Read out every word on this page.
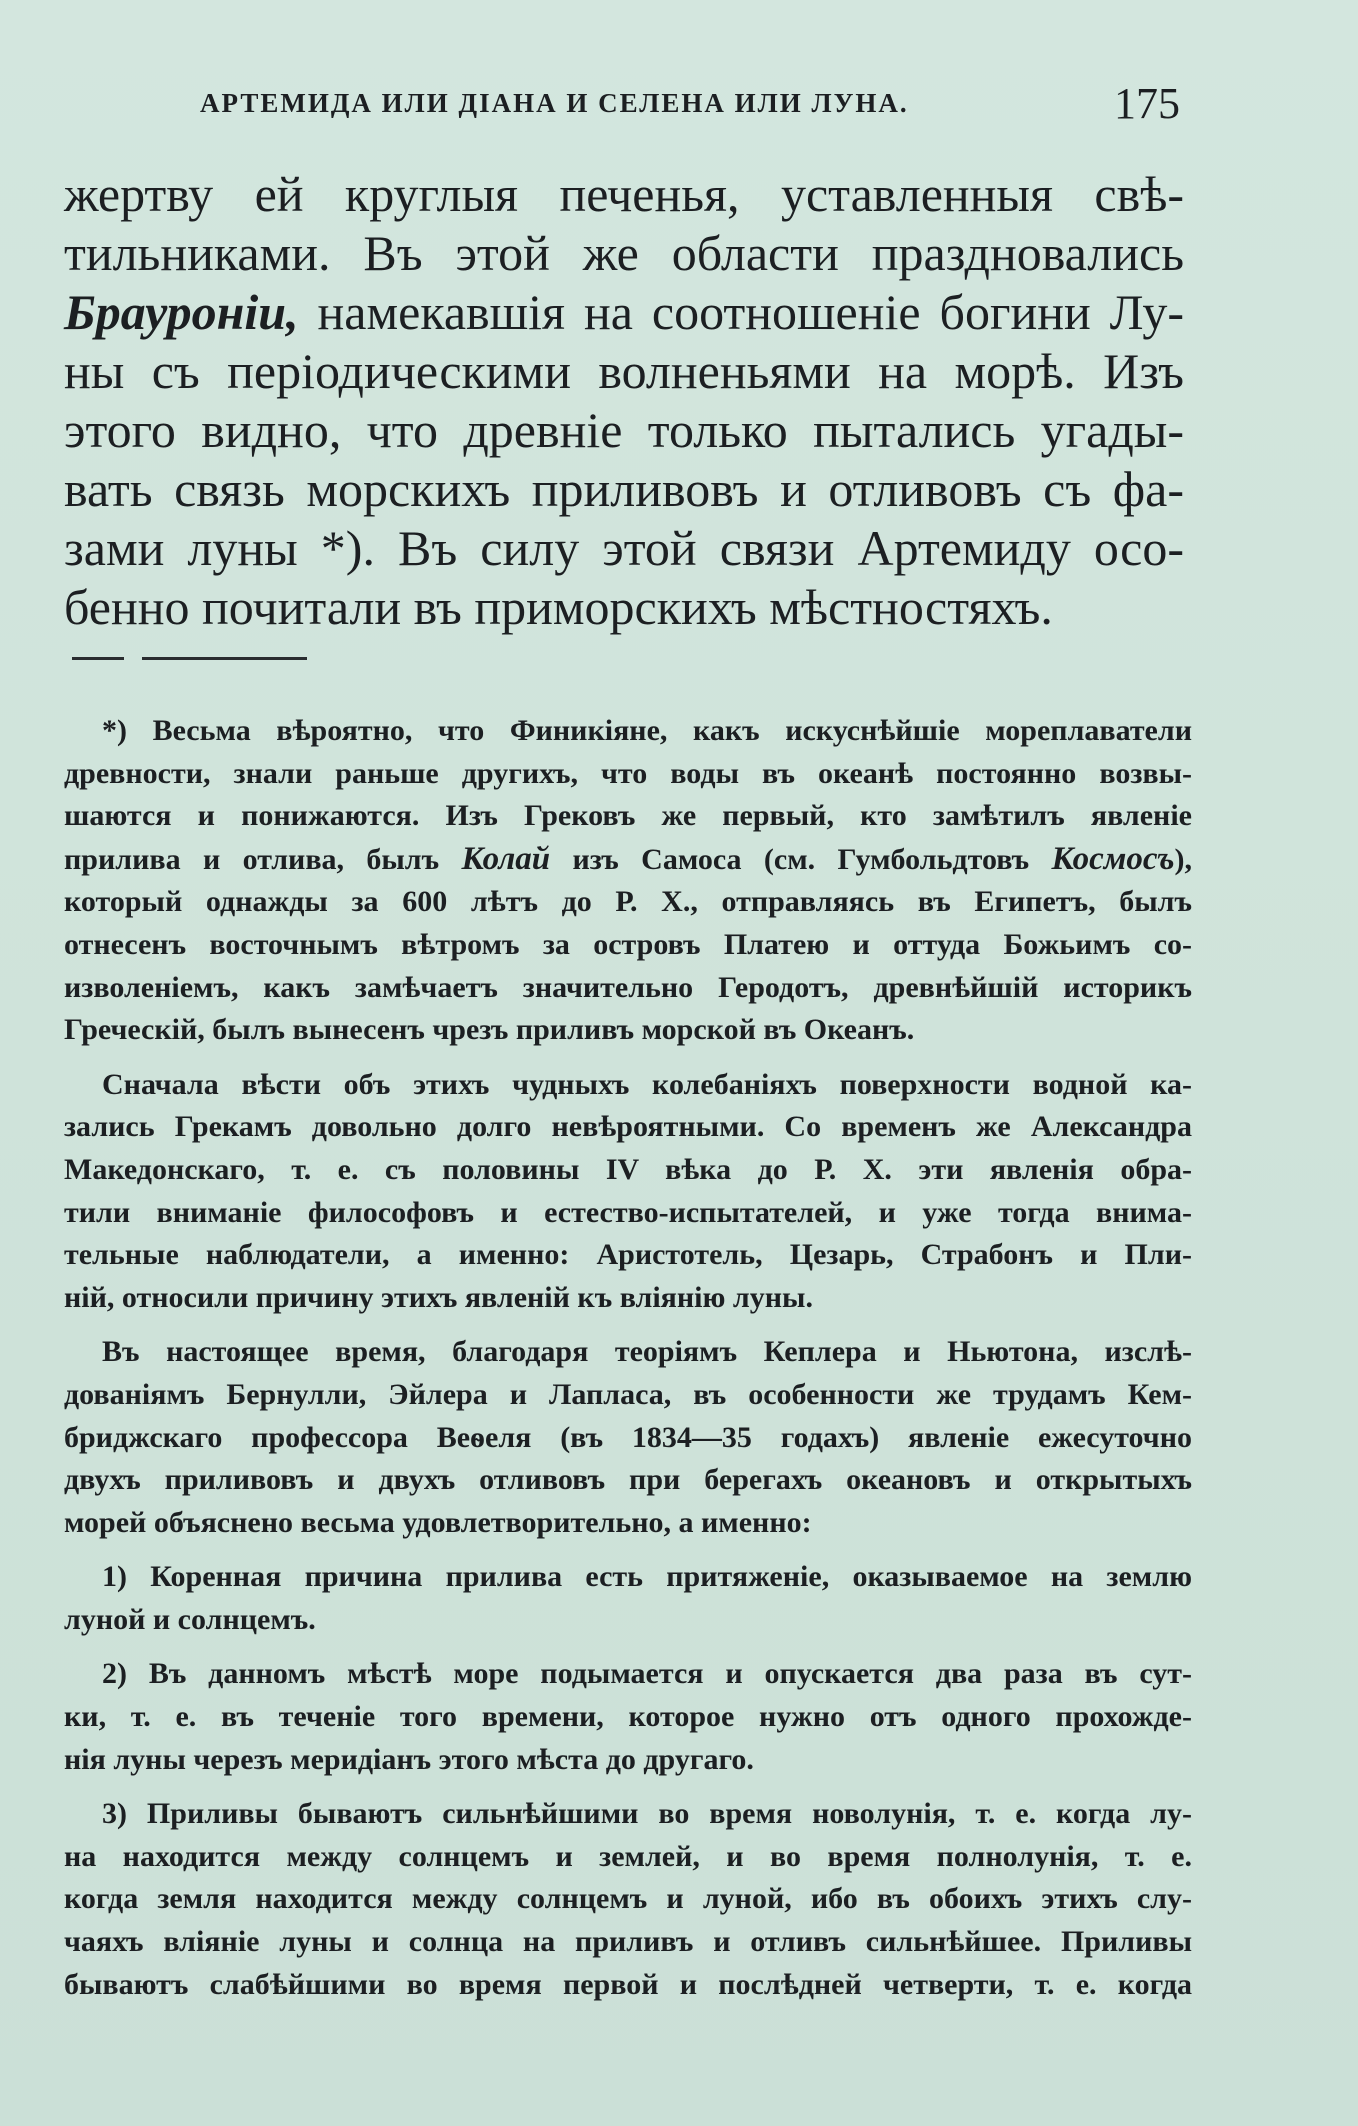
АРТЕМИДА ИЛИ ДІАНА И СЕЛЕНА ИЛИ ЛУНА.	175
жертву ей круглыя печенья, уставленныя свѣ-
тильниками. Въ этой же области праздновались
Брауроніи, намекавшія на соотношеніе богини Лу-
ны съ періодическими волненьями на морѣ. Изъ
этого видно, что древніе только пытались угады-
вать связь морскихъ приливовъ и отливовъ съ фа-
зами луны *). Въ силу этой связи Артемиду осо-
бенно почитали въ приморскихъ мѣстностяхъ.

*) Весьма вѣроятно, что Финикіяне, какъ искуснѣйшіе мореплаватели
древности, знали раньше другихъ, что воды въ океанѣ постоянно возвы-
шаются и понижаются. Изъ Грековъ же первый, кто замѣтилъ явленіе
прилива и отлива, былъ Колай изъ Самоса (см. Гумбольдтовъ Космосъ),
который однажды за 600 лѣтъ до Р. Х., отправляясь въ Египетъ, былъ
отнесенъ восточнымъ вѣтромъ за островъ Платею и оттуда Божьимъ со-
изволеніемъ, какъ замѣчаетъ значительно Геродотъ, древнѣйшій историкъ
Греческій, былъ вынесенъ чрезъ приливъ морской въ Океанъ.

Сначала вѣсти объ этихъ чудныхъ колебаніяхъ поверхности водной ка-
зались Грекамъ довольно долго невѣроятными. Со временъ же Александра
Македонскаго, т. е. съ половины IV вѣка до Р. Х. эти явленія обра-
тили вниманіе философовъ и естество-испытателей, и уже тогда внима-
тельные наблюдатели, а именно: Аристотель, Цезарь, Страбонъ и Пли-
ній, относили причину этихъ явленій къ вліянію луны.

Въ настоящее время, благодаря теоріямъ Кеплера и Ньютона, изслѣ-
дованіямъ Бернулли, Эйлера и Лапласа, въ особенности же трудамъ Кем-
бриджскаго профессора Веѳеля (въ 1834—35 годахъ) явленіе ежесуточно
двухъ приливовъ и двухъ отливовъ при берегахъ океановъ и открытыхъ
морей объяснено весьма удовлетворительно, а именно:

1) Коренная причина прилива есть притяженіе, оказываемое на землю
луной и солнцемъ.

2) Въ данномъ мѣстѣ море подымается и опускается два раза въ сут-
ки, т. е. въ теченіе того времени, которое нужно отъ одного прохожде-
нія луны черезъ меридіанъ этого мѣста до другаго.

3) Приливы бываютъ сильнѣйшими во время новолунія, т. е. когда лу-
на находится между солнцемъ и землей, и во время полнолунія, т. е.
когда земля находится между солнцемъ и луной, ибо въ обоихъ этихъ слу-
чаяхъ вліяніе луны и солнца на приливъ и отливъ сильнѣйшее. Приливы
бываютъ слабѣйшими во время первой и послѣдней четверти, т. е. когда
